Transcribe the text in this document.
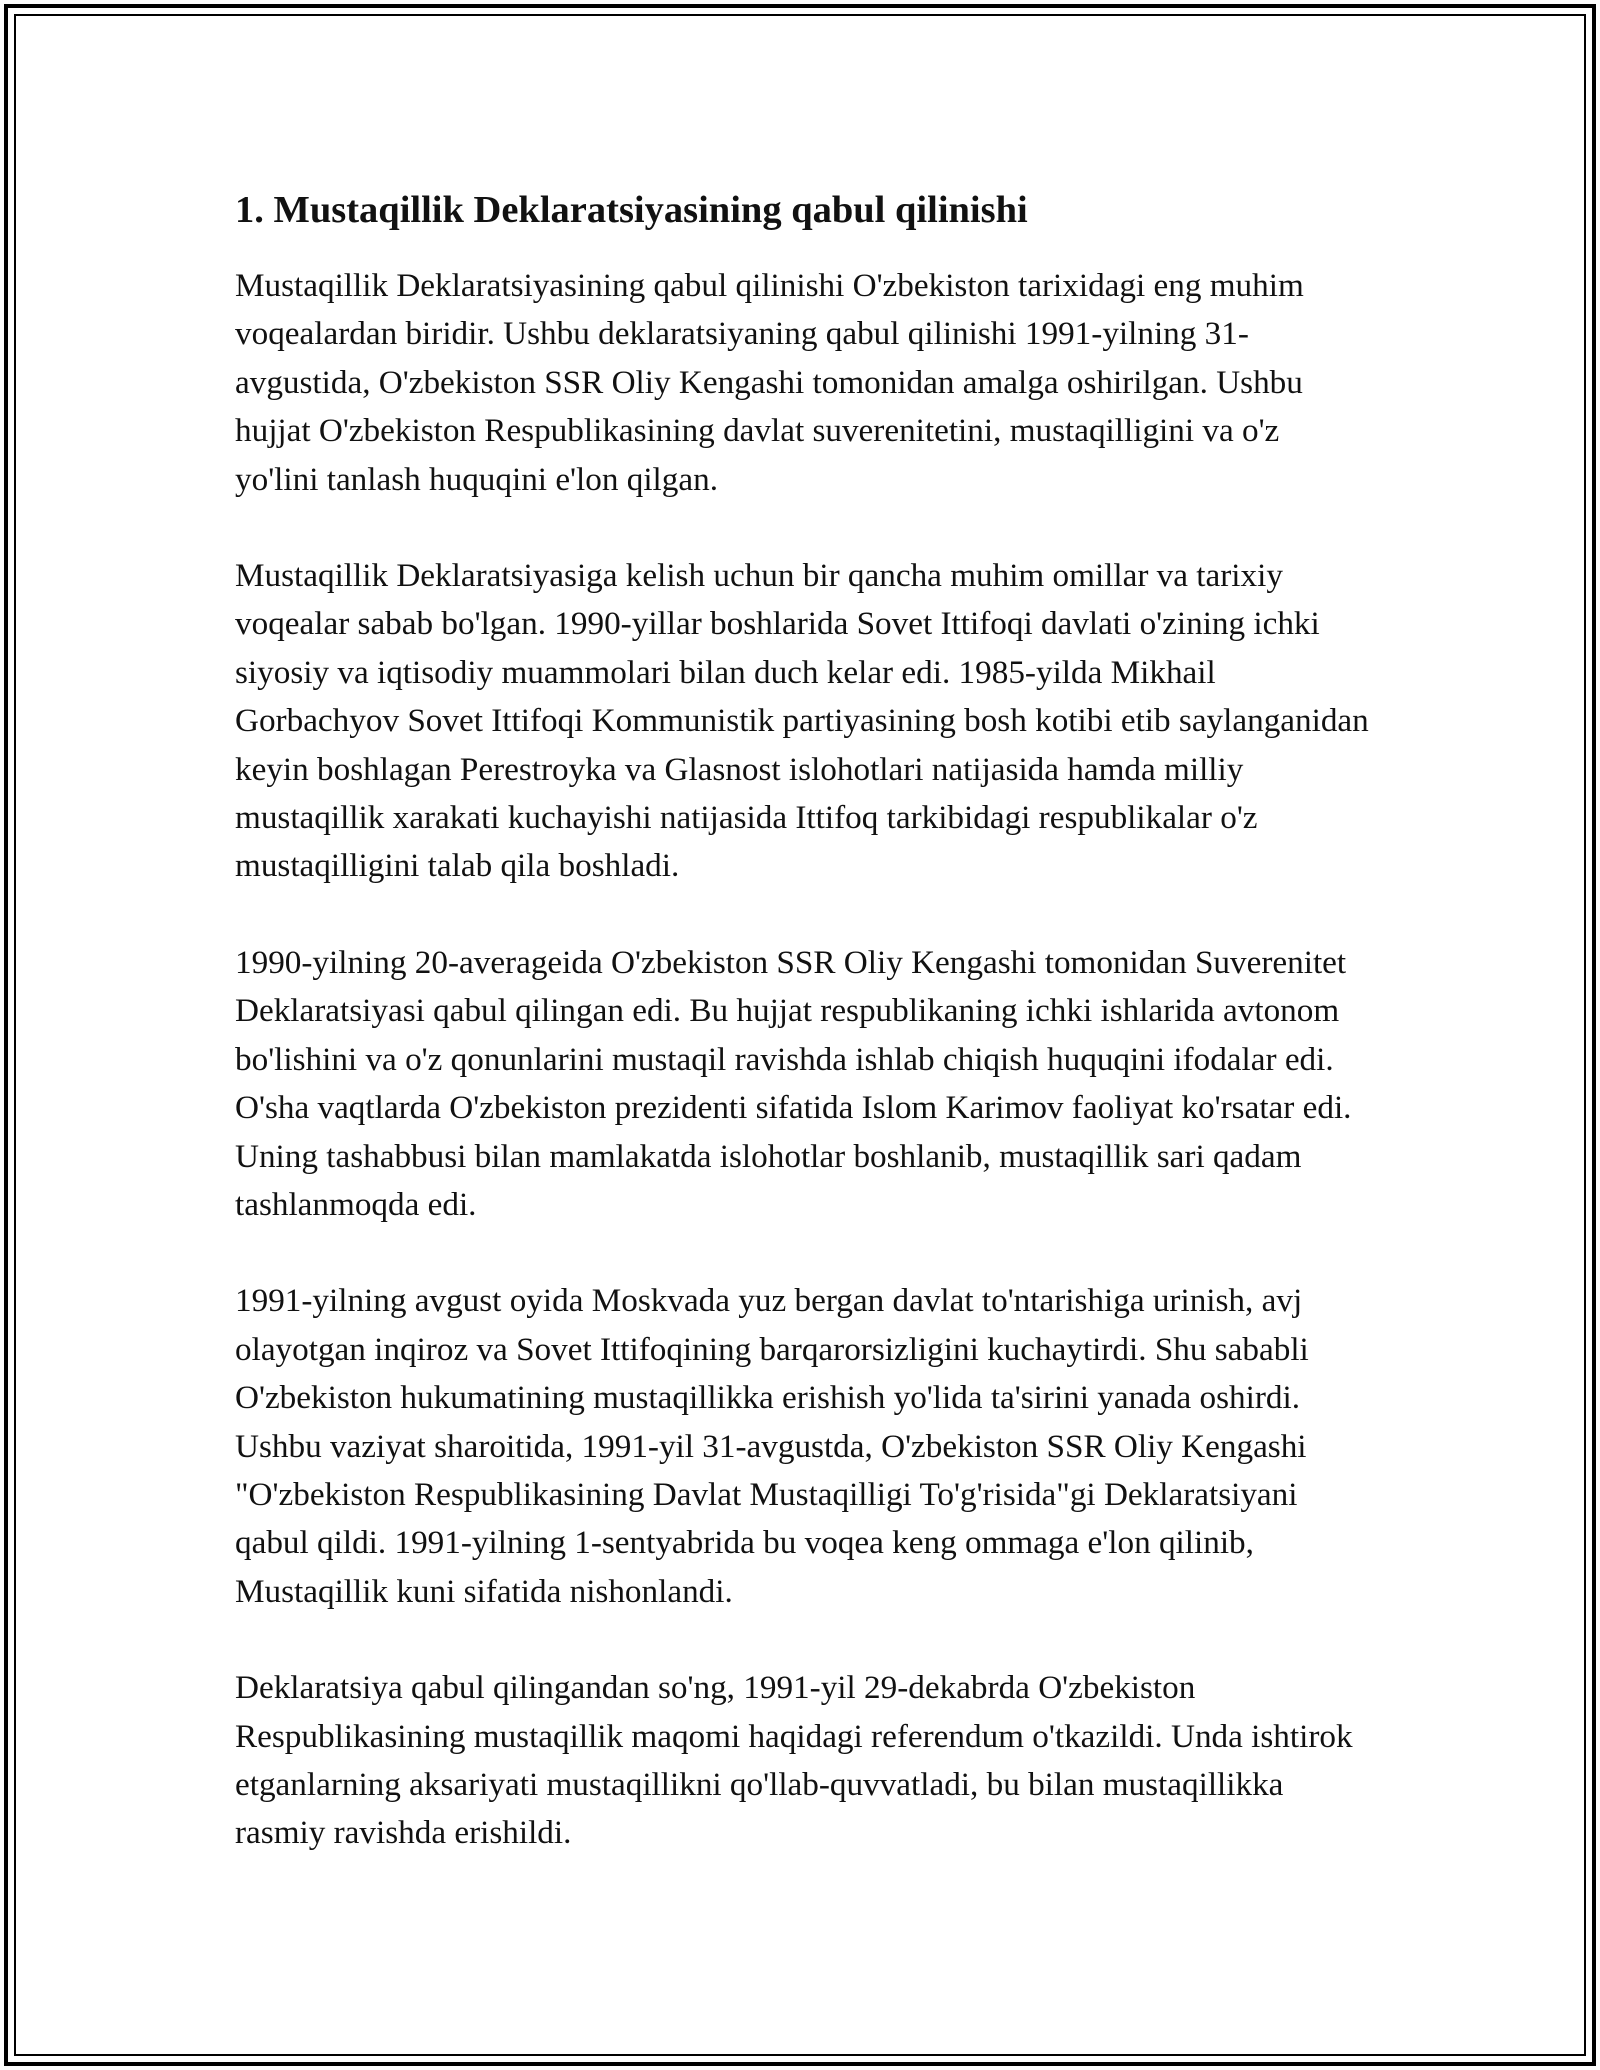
1. Mustaqillik Deklaratsiyasining qabul qilinishi

Mustaqillik Deklaratsiyasining qabul qilinishi O'zbekiston tarixidagi eng muhim voqealardan biridir. Ushbu deklaratsiyaning qabul qilinishi 1991-yilning 31-avgustida, O'zbekiston SSR Oliy Kengashi tomonidan amalga oshirilgan. Ushbu hujjat O'zbekiston Respublikasining davlat suverenitetini, mustaqilligini va o'z yo'lini tanlash huquqini e'lon qilgan.

Mustaqillik Deklaratsiyasiga kelish uchun bir qancha muhim omillar va tarixiy voqealar sabab bo'lgan. 1990-yillar boshlarida Sovet Ittifoqi davlati o'zining ichki siyosiy va iqtisodiy muammolari bilan duch kelar edi. 1985-yilda Mikhail Gorbachyov Sovet Ittifoqi Kommunistik partiyasining bosh kotibi etib saylanganidan keyin boshlagan Perestroyka va Glasnost islohotlari natijasida hamda milliy mustaqillik xarakati kuchayishi natijasida Ittifoq tarkibidagi respublikalar o'z mustaqilligini talab qila boshladi.

1990-yilning 20-averageida O'zbekiston SSR Oliy Kengashi tomonidan Suverenitet Deklaratsiyasi qabul qilingan edi. Bu hujjat respublikaning ichki ishlarida avtonom bo'lishini va o'z qonunlarini mustaqil ravishda ishlab chiqish huquqini ifodalar edi. O'sha vaqtlarda O'zbekiston prezidenti sifatida Islom Karimov faoliyat ko'rsatar edi. Uning tashabbusi bilan mamlakatda islohotlar boshlanib, mustaqillik sari qadam tashlanmoqda edi.

1991-yilning avgust oyida Moskvada yuz bergan davlat to'ntarishiga urinish, avj olayotgan inqiroz va Sovet Ittifoqining barqarorsizligini kuchaytirdi. Shu sababli O'zbekiston hukumatining mustaqillikka erishish yo'lida ta'sirini yanada oshirdi. Ushbu vaziyat sharoitida, 1991-yil 31-avgustda, O'zbekiston SSR Oliy Kengashi "O'zbekiston Respublikasining Davlat Mustaqilligi To'g'risida"gi Deklaratsiyani qabul qildi. 1991-yilning 1-sentyabrida bu voqea keng ommaga e'lon qilinib, Mustaqillik kuni sifatida nishonlandi.

Deklaratsiya qabul qilingandan so'ng, 1991-yil 29-dekabrda O'zbekiston Respublikasining mustaqillik maqomi haqidagi referendum o'tkazildi. Unda ishtirok etganlarning aksariyati mustaqillikni qo'llab-quvvatladi, bu bilan mustaqillikka rasmiy ravishda erishildi.
